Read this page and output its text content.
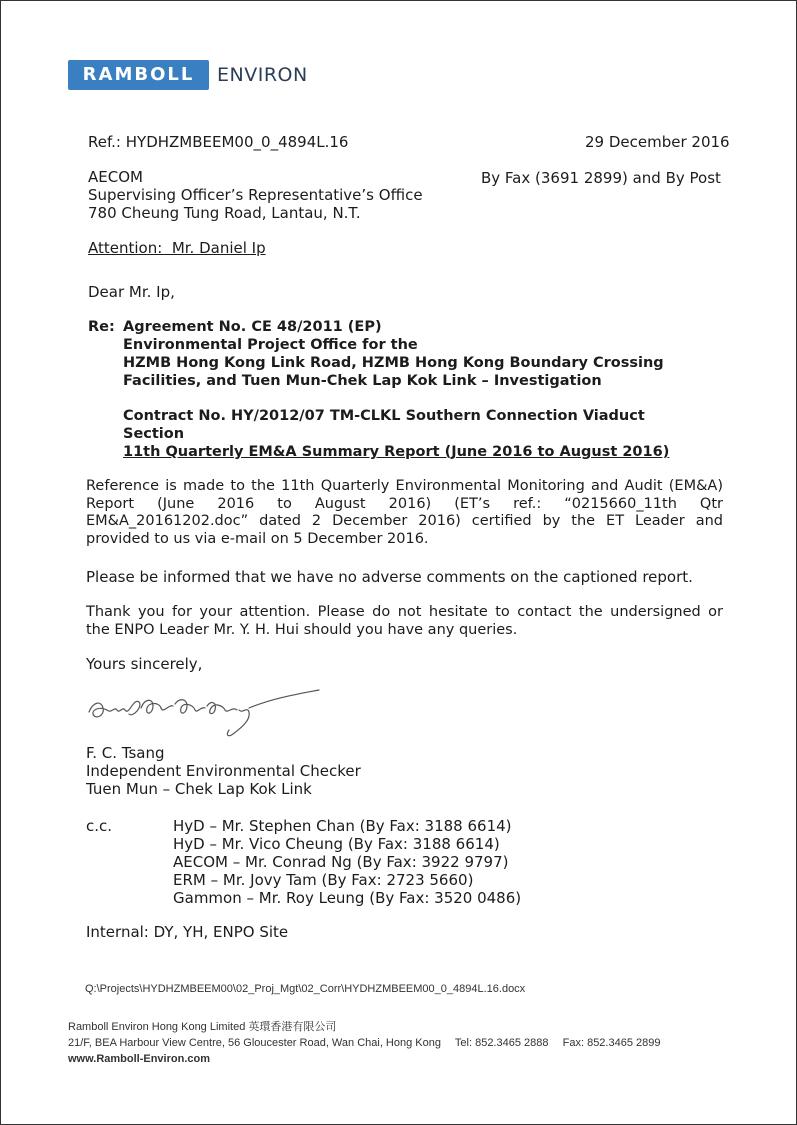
RAMBOLL	ENVIRON
Ref.: HYDHZMBEEM00_0_4894L.16	29 December 2016
AECOM
Supervising Officer’s Representative’s Office
780 Cheung Tung Road, Lantau, N.T.
By Fax (3691 2899) and By Post
Attention:  Mr. Daniel Ip
Dear Mr. Ip,
Re: Agreement No. CE 48/2011 (EP)
Environmental Project Office for the
HZMB Hong Kong Link Road, HZMB Hong Kong Boundary Crossing
Facilities, and Tuen Mun-Chek Lap Kok Link – Investigation
Contract No. HY/2012/07 TM-CLKL Southern Connection Viaduct
Section
11th Quarterly EM&A Summary Report (June 2016 to August 2016)
Reference is made to the 11th Quarterly Environmental Monitoring and Audit (EM&A)
Report (June 2016 to August 2016) (ET’s ref.: “0215660_11th Qtr
EM&A_20161202.doc” dated 2 December 2016) certified by the ET Leader and
provided to us via e-mail on 5 December 2016.
Please be informed that we have no adverse comments on the captioned report.
Thank you for your attention. Please do not hesitate to contact the undersigned or
the ENPO Leader Mr. Y. H. Hui should you have any queries.
Yours sincerely,
F. C. Tsang
Independent Environmental Checker
Tuen Mun – Chek Lap Kok Link
c.c.	HyD – Mr. Stephen Chan (By Fax: 3188 6614)
HyD – Mr. Vico Cheung (By Fax: 3188 6614)
AECOM – Mr. Conrad Ng (By Fax: 3922 9797)
ERM – Mr. Jovy Tam (By Fax: 2723 5660)
Gammon – Mr. Roy Leung (By Fax: 3520 0486)
Internal: DY, YH, ENPO Site
Q:\Projects\HYDHZMBEEM00\02_Proj_Mgt\02_Corr\HYDHZMBEEM00_0_4894L.16.docx
Ramboll Environ Hong Kong Limited 英環香港有限公司
21/F, BEA Harbour View Centre, 56 Gloucester Road, Wan Chai, Hong Kong Tel: 852.3465 2888 Fax: 852.3465 2899
www.Ramboll-Environ.com
